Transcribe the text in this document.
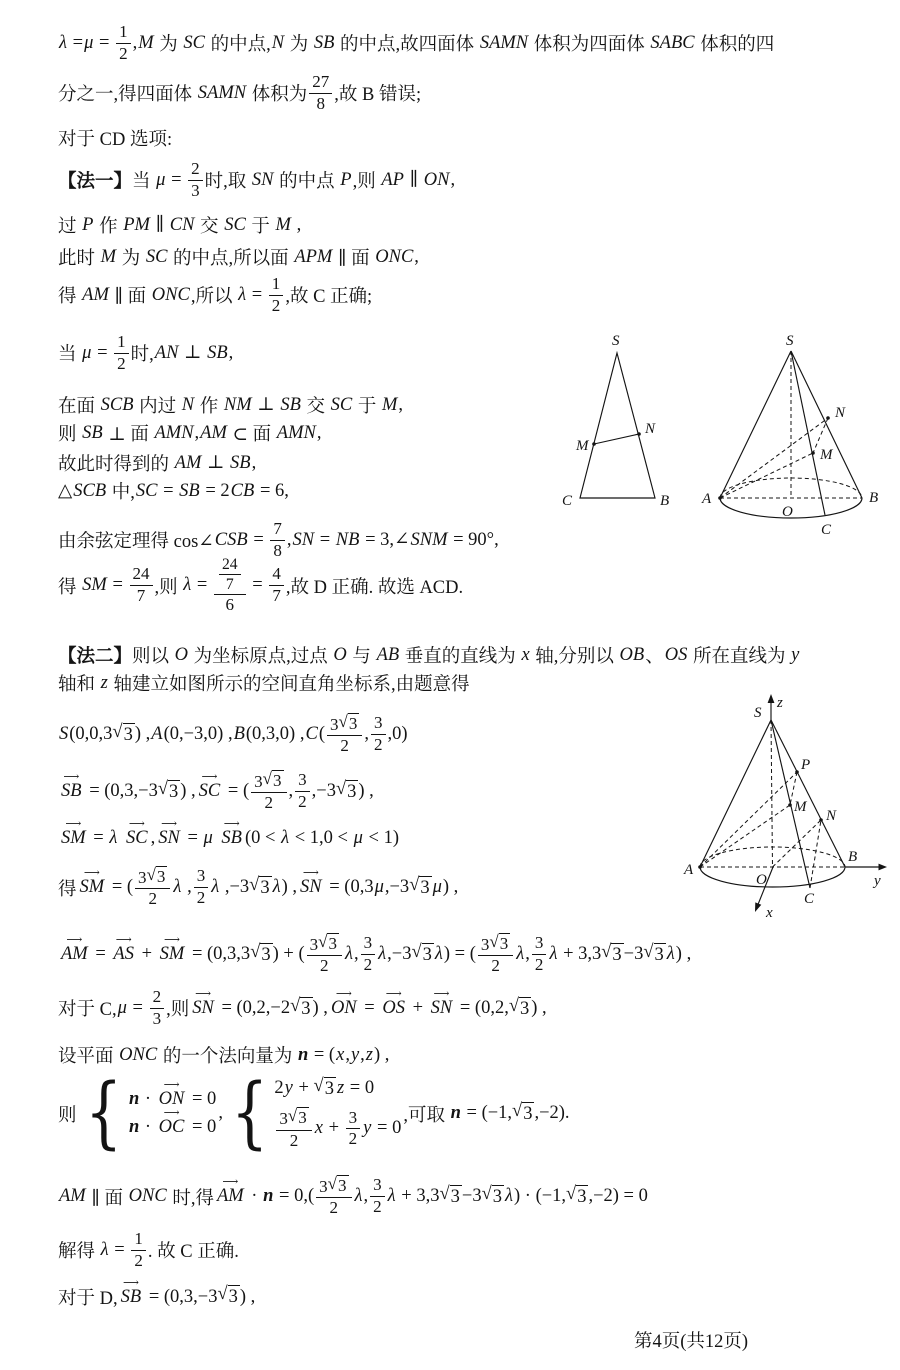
$\lambda = \mu = \frac{1}{2}$ , M 为 SC 的中点, N 为 SB 的中点,故四面体 SAMN 体积为四面体 SABC 体积的四
分之一,得四面体 SAMN 体积为 $\frac{27}{8}$ ,故 B 错误;
对于 CD 选项:
【法一】 当 $\mu = \frac{2}{3}$ 时,取 SN 的中点 P ,则 AP ∥ ON ,
过 P 作 PM ∥ CN 交 SC 于 M ,
此时 M 为 SC 的中点,所以面 APM ∥ 面 ONC ,
得 AM ∥ 面 ONC ,所以 $\lambda = \frac{1}{2}$ ,故 C 正确;
当 $\mu = \frac{1}{2}$ 时, AN ⊥ SB ,
在面 SCB 内过 N 作 NM ⊥ SB 交 SC 于 M ,
则 SB ⊥ 面 AMN , AM ⊂ 面 AMN ,
故此时得到的 AM ⊥ SB ,
△ SCB 中, SC = SB = 2 CB = 6,
由余弦定理得 cos∠ CSB = $\frac{7}{8}$ , SN = NB = 3,∠ SNM = 90°,
得 SM = $\frac{24}{7}$ ,则 $\lambda = \frac{\frac{24}{7}}{6} = \frac{4}{7}$ ,故 D 正确. 故选 ACD.
【法二】 则以 O 为坐标原点,过点 O 与 AB 垂直的直线为 x 轴,分别以 OB 、 OS 所在直线为 y
轴和 z 轴建立如图所示的空间直角坐标系,由题意得
S (0,0,3 √ 3 ) , A (0,−3,0) , B (0,3,0) , C ( $\frac{3 √ 3}{2}$ , $\frac{3}{2} ,0$)
⟶
SB = (0,3,−3 √ 3 ) ,
⟶
SC = ( $\frac{3 √ 3}{2}$ , $\frac{3}{2} ,-3$ √ 3 ) ,
⟶
SM = λ

⟶
SC ,
⟶
SN = μ

⟶
SB (0 < λ < 1,0 < μ < 1)
得
⟶
SM = ( $\frac{3 √ 3}{2}$ λ , $\frac{3}{2}$ λ ,−3 √ 3 λ ) ,
⟶
SN = (0,3 μ ,−3 √ 3 μ ) ,
⟶
AM =
⟶
AS +
⟶
SM = (0,3,3 √ 3 ) + ( $\frac{3 √ 3}{2}$ λ , $\frac{3}{2}$ λ ,−3 √ 3 λ ) = ( $\frac{3 √ 3}{2}$ λ , $\frac{3}{2}$ λ + 3,3 √ 3 −3 √ 3 λ ) ,
对于 C, $\mu = \frac{2}{3}$ ,则
⟶
SN = (0,2,−2 √ 3 ) ,
⟶
ON =
⟶
OS +
⟶
SN = (0,2, √ 3 ) ,
设平面 ONC 的一个法向量为 n = ( x , y , z ) ,
则 { n ·
⟶
ON = 0
n ·
⟶
OC = 0
, { 2 y + √ 3 z = 0
$\frac{3 √ 3}{2}$ $x + \frac{3}{2}$ y = 0
,可取 n = (−1, √ 3 ,−2).
AM ∥ 面 ONC 时,得
⟶
AM · $n = 0,( \frac{3 √ 3}{2}$ λ , $\frac{3}{2}$ λ + 3,3 √ 3 −3 √ 3 λ ) · (−1, √ 3 ,−2) = 0
解得 $\lambda = \frac{1}{2}$ . 故 C 正确.
对于 D,
⟶
SB = (0,3,−3 √ 3 ) ,
S
C	B
M
N
S
A	B
O
C
N
M
z
S
P
M
N
A
B
O
C
x
y
第4页(共12页)
